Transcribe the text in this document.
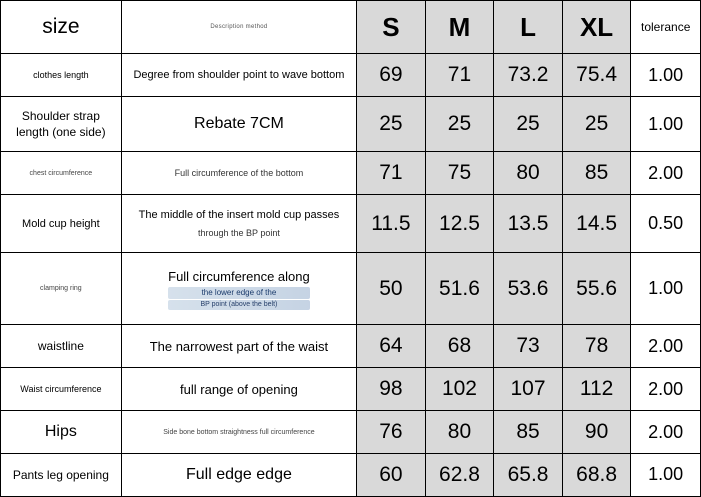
size	Description method	S	M	L	XL	tolerance
clothes length	Degree from shoulder point to wave bottom	69	71	73.2	75.4	1.00
Shoulder strap
length (one side)	Rebate 7CM	25	25	25	25	1.00
chest circumference	Full circumference of the bottom	71	75	80	85	2.00
Mold cup height	The middle of the insert mold cup passes
through the BP point	11.5	12.5	13.5	14.5	0.50
clamping ring	Full circumference along
the lower edge of the
BP point (above the belt)	50	51.6	53.6	55.6	1.00
waistline	The narrowest part of the waist	64	68	73	78	2.00
Waist circumference	full range of opening	98	102	107	112	2.00
Hips	Side bone bottom straightness full circumference	76	80	85	90	2.00
Pants leg opening	Full edge edge	60	62.8	65.8	68.8	1.00
